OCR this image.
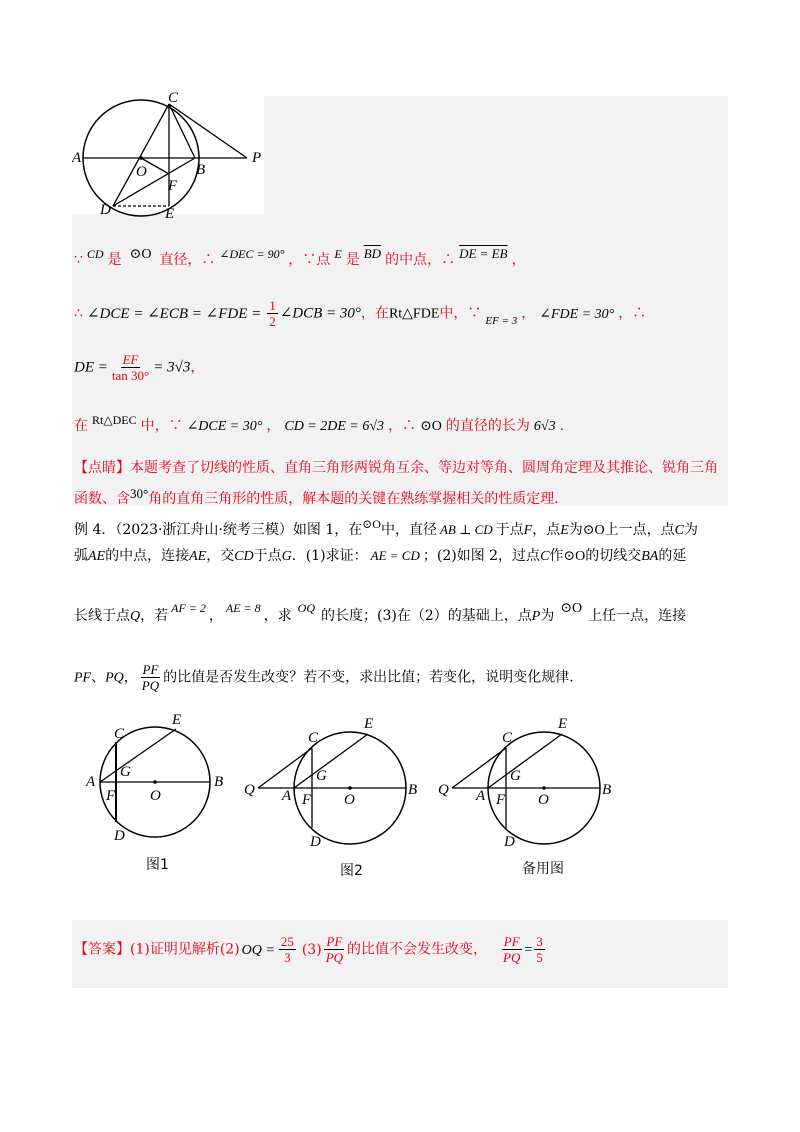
C
A
O	B
P
F
D	E
∵ CD 是 ⊙O 直径，∴ ∠DEC = 90° ，∵点 E 是 $\overline{BD}$ 的中点，∴ DE = EB ，
∴ ∠DCE = ∠ECB = ∠FDE = $\frac{1}{2}$ ∠DCB = 30°，在Rt△FDE中，∵ $_{EF = 3}$ ， ∠FDE = 30° ，∴
DE = $\frac{EF}{\tan 30^\circ} = 3√3$，
在 Rt△DEC 中，∵ ∠DCE = 30° ， CD = 2DE = 6√3 ，∴ ⊙O 的直径的长为 6√3 .
【点睛】本题考查了切线的性质、直角三角形两锐角互余、等边对等角、圆周角定理及其推论、锐角三角
函数、含30°角的直角三角形的性质，解本题的关键在熟练掌握相关的性质定理.
例 4．（2023·浙江舟山·统考三模）如图 1，在⊙O中，直径 AB ⊥ CD 于点F，点E为⊙O上一点，点C为
弧AE的中点，连接AE，交CD于点G．(1)求证： AE = CD ；(2)如图 2，过点C作⊙O的切线交BA的延
长线于点Q，若 AF = 2 ， AE = 8 ，求 OQ 的长度；(3)在（2）的基础上，点P为 ⊙O 上任一点，连接
PF、PQ， $\frac{PF}{PQ}$ 的比值是否发生改变？若不变，求出比值；若变化，说明变化规律.
C
E
A
G
B
F O
D
图1
C
E
Q A
G
B
F O
D
图2
C
E
Q A
G
B
F O
D
备用图
【答案】(1)证明见解析(2) OQ = $\frac{25}{3} (3) \frac{PF}{PQ}$ 的比值不会发生改变， $\frac{PF}{PQ} = \frac{3}{5}$
